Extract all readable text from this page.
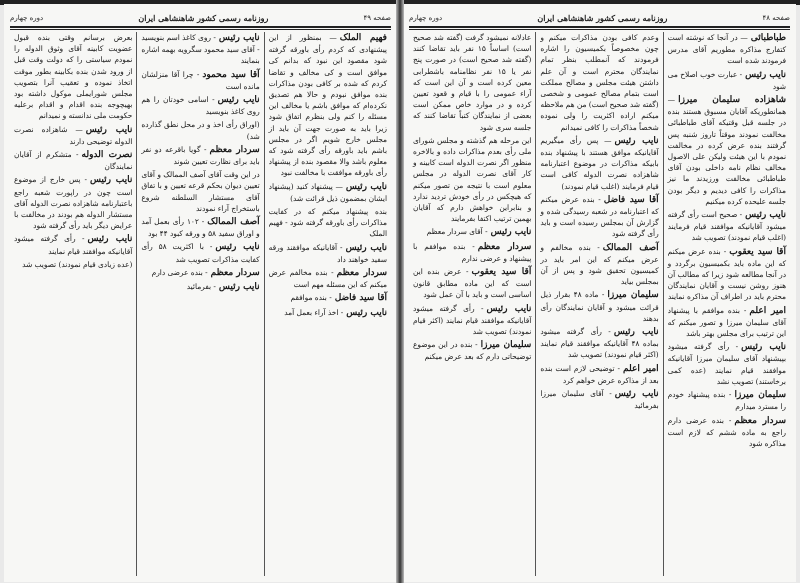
صفحه ۴۹
روزنامه رسمی کشور شاهنشاهی ایران
دوره چهارم

فهیم الملک— بمنظور از این پیشنهادی که کردم رأی باورقه گرفته شود مقصود این نبود که بدانم کی موافق است و کی مخالف و تقاضا کردم که شده بر کافی بودن مذاکرات بنده موافق نبودم و حالا هم تصدیق نکرده‌ام که موافق باشم یا مخالف این مسئله را کنم ولی بنظرم اتفاق شود زیرا باید به صورت جهت آن باید از مجلس خارج شویم اگر در مجلس باشم باید باورقه رأی گرفته شود که معلوم باشد والا مقصود بنده از پیشنهاد رأی باورقه موافقت با مخالفت نبود

نایب رئیس— پیشنهاد کنید (پیشنهاد ایشان بمضمون ذیل قرائت شد)

بنده پیشنهاد میکنم که در کفایت مذاکرات رأی باورقه گرفته شود - فهیم الملک

نایب رئیس- آقایانیکه موافقند ورقه سفید خواهند داد

سردار معظم- بنده مخالفم عرض میکنم که این مسئله مهم است

آقا سید فاضل- بنده موافقم

نایب رئیس- اخذ آراء بعمل آمد

نایب رئیس- روی کاغذ اسم بنویسید - آقای سید محمود سگرویه بهمه اشاره بنمایند

آقا سید محمود- چرا آقا منزلشان مانده است

نایب رئیس- اسامی خودتان را هم روی کاغذ بنویسید

(اوراق رأی اخذ و در محل نطق گذارده شد)

سردار معظم- گویا باقرعه دو نفر باید برای نظارت تعیین شوند

در این وقت آقای آصف الممالک و آقای تعیین دیوان بحکم قرعه تعیین و با تفاق آقای مستشار السلطنه شروع باستخراج آراء نمودند

آصف الممالک- ۱۰۲ رأی بعمل آمد و اوراق سفید ۵۸ و ورقه کبود ۴۴ بود

نایب رئیس- با اکثریت ۵۸ رأی کفایت مذاکرات تصویب شد

سردار معظم- بنده عرضی دارم

نایب رئیس- بفرمائید

بعرض برسانم وقتی بنده قبول عضویت کابینه آقای وثوق الدوله را نمودم سیاستی را که دولت وقت قبل از ورود شدن بنده بکابینه بطور موقت اتخاذ نموده و تعقیب آنرا بتصویب مجلس شورایملی موکول داشته بود بهیچوجه بنده اقدام و اقدام برعلیه حکومت ملی ندانسته و نمیدانم

نایب رئیس— شاهزاده نصرت الدوله توضیحی دارند

نصرت الدوله- متشکرم از آقایان نمایندگان

نایب رئیس- پس خارج از موضوع است چون در راپورت شعبه راجع باعتبارنامه شاهزاده نصرت الدوله آقای مستشار الدوله هم بودند در مخالفت با عرایض دیگر باید رأی گرفته شود

نایب رئیس- رأی گرفته میشود آقایانیکه موافقند قیام نمایند

(عده زیادی قیام نمودند) تصویب شد

صفحه ۴۸
روزنامه رسمی کشور شاهنشاهی ایران
دوره چهارم

طباطبائی— در آنجا که نوشته است کتفارج مذاکره مطوریم آقای مدرس فرمودند شده است

نایب رئیس- عبارت خوب اصلاح می شود

شاهزاده سلیمان میرزا— همانطوریکه آقایان مسبوق هستند بنده در جلسه قبل وقتیکه آقای طباطبائی مخالفت نمودند موقتاً تاروز شنبه پس گرفتند بنده عرض کرده در مخالفت نمودم با این هیئت ولیکن علی الاصول مخالف نظام نامه داخلی بودن آقای طباطبائی مخالفت ورزیدند ما نیز مذاکرات را کافی دیدیم و دیگر بودن جلسه علیحده کرده میکنیم

نایب رئیس- صحیح است رأی گرفته میشود آقایانیکه موافقند قیام فرمایند (اغلب قیام نمودند) تصویب شد

آقا سید یعقوب- بنده عرض میکنم که این ماده باید بکمیسیون برگردد و در آنجا مطالعه شود زیرا که مطالب آن هنوز روشن نیست و آقایان نمایندگان محترم باید در اطراف آن مذاکره نمایند

امیر اعلم- بنده موافقم با پیشنهاد آقای سلیمان میرزا و تصور میکنم که این ترتیب برای مجلس بهتر باشد

نایب رئیس- رأی گرفته میشود بپیشنهاد آقای سلیمان میرزا آقایانیکه موافقند قیام نمایند (عده کمی برخاستند) تصویب نشد

سلیمان میرزا- بنده پیشنهاد خودم را مسترد میدارم

سردار معظم- بنده عرضی دارم راجع به ماده ششم که لازم است مذاکره شود

وعدم کافی بودن مذاکرات میکنم و چون مخصوصاً بکمیسیون را اشاره فرمودند که آنمطلب بنظر تمام نمایندگان محترم است و آن علم داشتن هیئت مجلس و مصالح مملکت است بتمام مصالح عمومی و شخصی (گفته شد صحیح است) من هم ملاحظه میکنم اراده اکثریت را ولی نموده شخصاً مذاکرات را کافی نمیدانم

نایب رئیس— پس رأی میگیریم آقایانیکه موافق هستند با پیشنهاد بنده بابیکه مذاکرات در موضوع اعتبارنامه شاهزاده نصرت الدوله کافی است قیام فرمایند (اغلب قیام نمودند)

آقا سید فاضل- بنده عرض میکنم که اعتبارنامه در شعبه رسیدگی شده و گزارش آن بمجلس رسیده است و باید رأی گرفته شود

آصف الممالک- بنده مخالفم و عرض میکنم که این امر باید در کمیسیون تحقیق شود و پس از آن بمجلس بیاید

سلیمان میرزا- ماده ۴۸ بقرار ذیل قرائت میشود و آقایان نمایندگان رأی بدهند

نایب رئیس- رأی گرفته میشود بماده ۴۸ آقایانیکه موافقند قیام نمایند (اکثر قیام نمودند) تصویب شد

امیر اعلم- توضیحی لازم است بنده بعد از مذاکره عرض خواهم کرد

نایب رئیس- آقای سلیمان میرزا بفرمائید

عادلانه نمیشود گرفت (گفته شد صحیح است) اساساً ۱۵ نفر باید تقاضا کنند (گفته شد صحیح است) در صورت پنج نفر یا ۱۵ نفر نظامنامه باشطرابی معین کرده است و آن این است که آراء عمومی را با قیام و قعود تعیین کرده و در موارد خاص ممکن است بعضی از نمایندگان کتباً تقاضا کنند که جلسه سری شود

این مرحله هم گذشته و مجلس شورای ملی رأی بعدم مذاکرات داده و بالاخره منظور اگر نصرت الدوله است کابینه و کار آقای نصرت الدوله در مجلس معلوم است با نتیجه من تصور میکنم که هیچکس در رأی خودش تردید ندارد و بنابراین خواهش دارم که آقایان بهمین ترتیب اکتفا بفرمایند

نایب رئیس- آقای سردار معظم

سردار معظم- بنده موافقم با پیشنهاد و عرضی ندارم

آقا سید یعقوب- عرض بنده این است که این ماده مطابق قانون اساسی است و باید با آن عمل شود

نایب رئیس- رأی گرفته میشود آقایانیکه موافقند قیام نمایند (اکثر قیام نمودند) تصویب شد

سلیمان میرزا- بنده در این موضوع توضیحاتی دارم که بعد عرض میکنم
